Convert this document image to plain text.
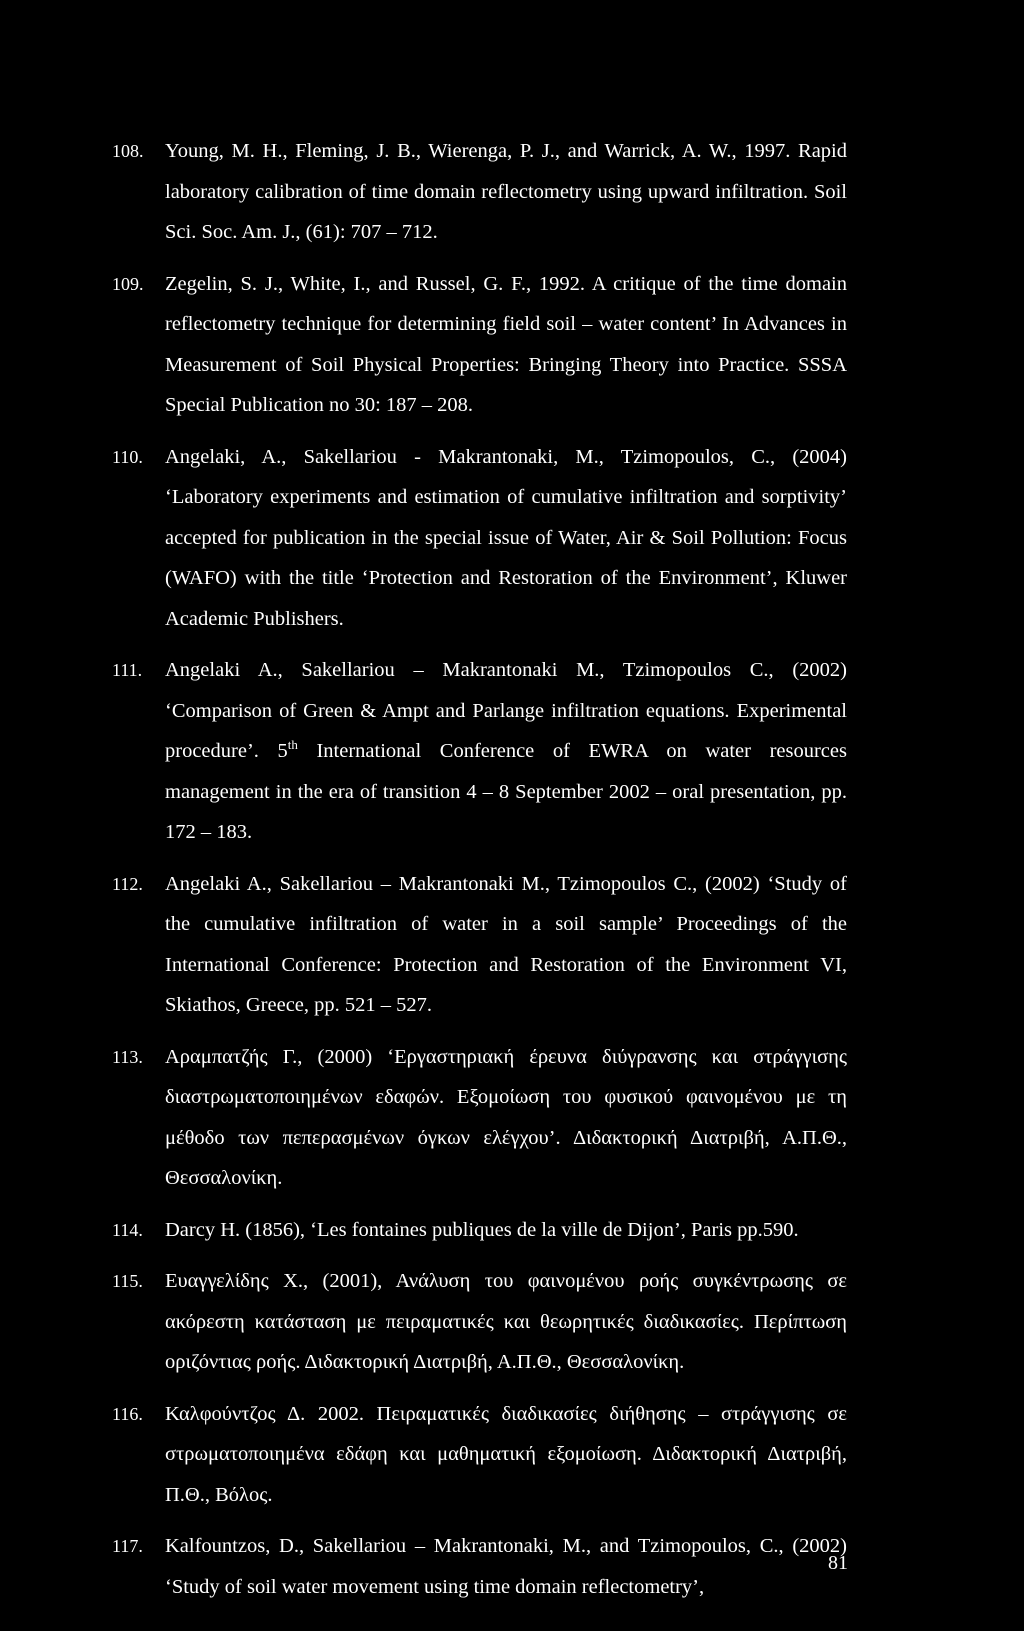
108.	Young, M. H., Fleming, J. B., Wierenga, P. J., and Warrick, A. W., 1997. Rapid laboratory calibration of time domain reflectometry using upward infiltration. Soil Sci. Soc. Am. J., (61): 707 – 712.
109.	Zegelin, S. J., White, I., and Russel, G. F., 1992. A critique of the time domain reflectometry technique for determining field soil – water content’ In Advances in Measurement of Soil Physical Properties: Bringing Theory into Practice. SSSA Special Publication no 30: 187 – 208.
110.	Angelaki, A., Sakellariou - Makrantonaki, M., Tzimopoulos, C., (2004) ‘Laboratory experiments and estimation of cumulative infiltration and sorptivity’ accepted for publication in the special issue of Water, Air & Soil Pollution: Focus (WAFO) with the title ‘Protection and Restoration of the Environment’, Kluwer Academic Publishers.
111.	Angelaki A., Sakellariou – Makrantonaki M., Tzimopoulos C., (2002) ‘Comparison of Green & Ampt and Parlange infiltration equations. Experimental procedure’. 5th International Conference of EWRA on water resources management in the era of transition 4 – 8 September 2002 – oral presentation, pp. 172 – 183.
112.	Angelaki A., Sakellariou – Makrantonaki M., Tzimopoulos C., (2002) ‘Study of the cumulative infiltration of water in a soil sample’ Proceedings of the International Conference: Protection and Restoration of the Environment VI, Skiathos, Greece, pp. 521 – 527.
113.	Αραμπατζής Γ., (2000) ‘Εργαστηριακή έρευνα διύγρανσης και στράγγισης διαστρωματοποιημένων εδαφών. Εξομοίωση του φυσικού φαινομένου με τη μέθοδο των πεπερασμένων όγκων ελέγχου’. Διδακτορική Διατριβή, Α.Π.Θ., Θεσσαλονίκη.
114.	Darcy H. (1856), ‘Les fontaines publiques de la ville de Dijon’, Paris pp.590.
115.	Ευαγγελίδης Χ., (2001), Ανάλυση του φαινομένου ροής συγκέντρωσης σε ακόρεστη κατάσταση με πειραματικές και θεωρητικές διαδικασίες. Περίπτωση οριζόντιας ροής. Διδακτορική Διατριβή, Α.Π.Θ., Θεσσαλονίκη.
116.	Καλφούντζος Δ. 2002. Πειραματικές διαδικασίες διήθησης – στράγγισης σε στρωματοποιημένα εδάφη και μαθηματική εξομοίωση. Διδακτορική Διατριβή, Π.Θ., Βόλος.
117.	Kalfountzos, D., Sakellariou – Makrantonaki, M., and Tzimopoulos, C., (2002) ‘Study of soil water movement using time domain reflectometry’,
81
